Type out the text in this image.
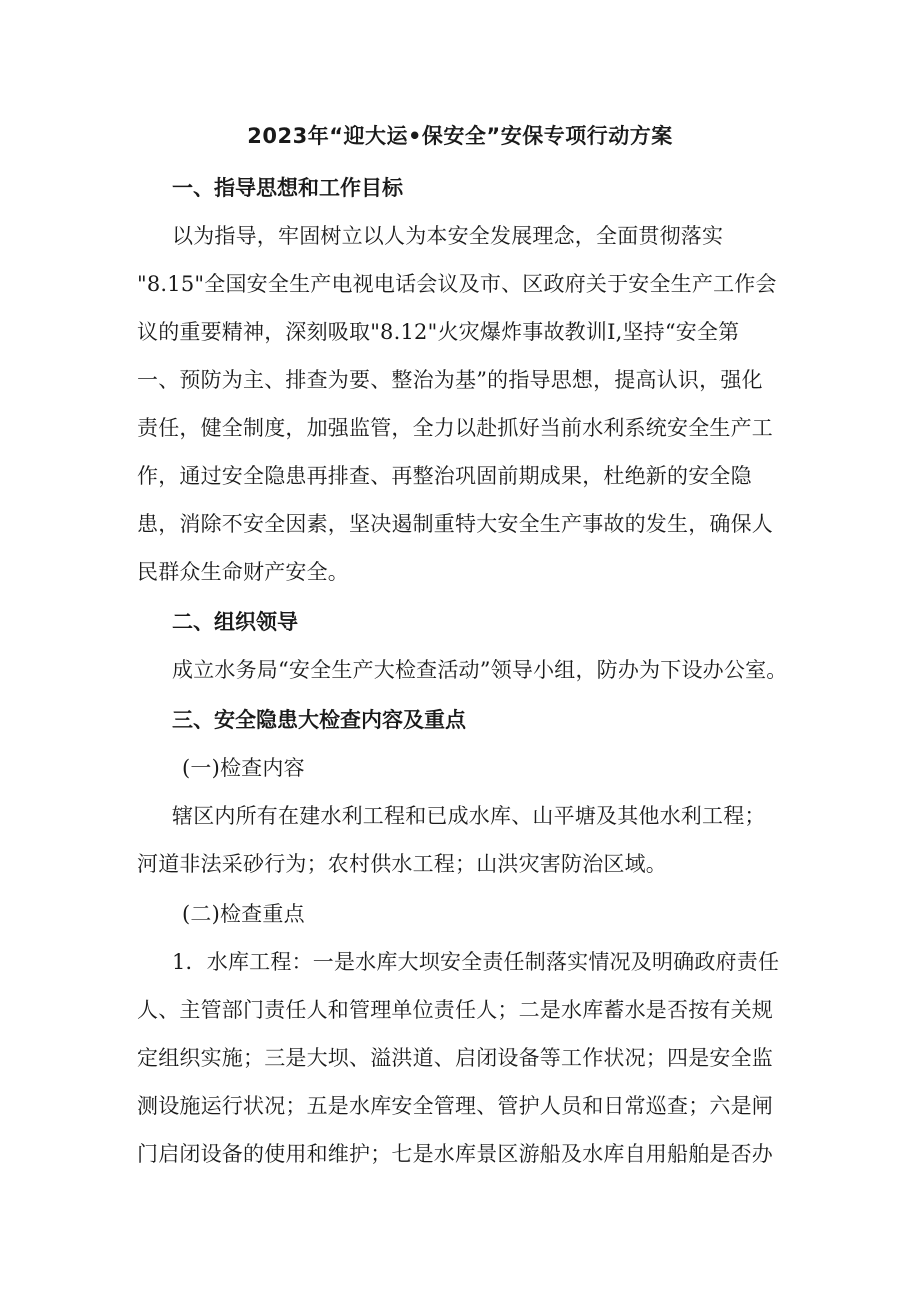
2023年“迎大运•保安全”安保专项行动方案
一、指导思想和工作目标
以为指导，牢固树立以人为本安全发展理念，全面贯彻落实
"8.15"全国安全生产电视电话会议及市、区政府关于安全生产工作会
议的重要精神，深刻吸取"8.12"火灾爆炸事故教训I,坚持“安全第
一、预防为主、排查为要、整治为基”的指导思想，提高认识，强化
责任，健全制度，加强监管，全力以赴抓好当前水利系统安全生产工
作，通过安全隐患再排查、再整治巩固前期成果，杜绝新的安全隐
患，消除不安全因素，坚决遏制重特大安全生产事故的发生，确保人
民群众生命财产安全。
二、组织领导
成立水务局“安全生产大检查活动”领导小组，防办为下设办公室。
三、安全隐患大检查内容及重点
(一)检查内容
辖区内所有在建水利工程和已成水库、山平塘及其他水利工程；
河道非法采砂行为；农村供水工程；山洪灾害防治区域。
(二)检查重点
1．水库工程：一是水库大坝安全责任制落实情况及明确政府责任
人、主管部门责任人和管理单位责任人；二是水库蓄水是否按有关规
定组织实施；三是大坝、溢洪道、启闭设备等工作状况；四是安全监
测设施运行状况；五是水库安全管理、管护人员和日常巡查；六是闸
门启闭设备的使用和维护；七是水库景区游船及水库自用船舶是否办
